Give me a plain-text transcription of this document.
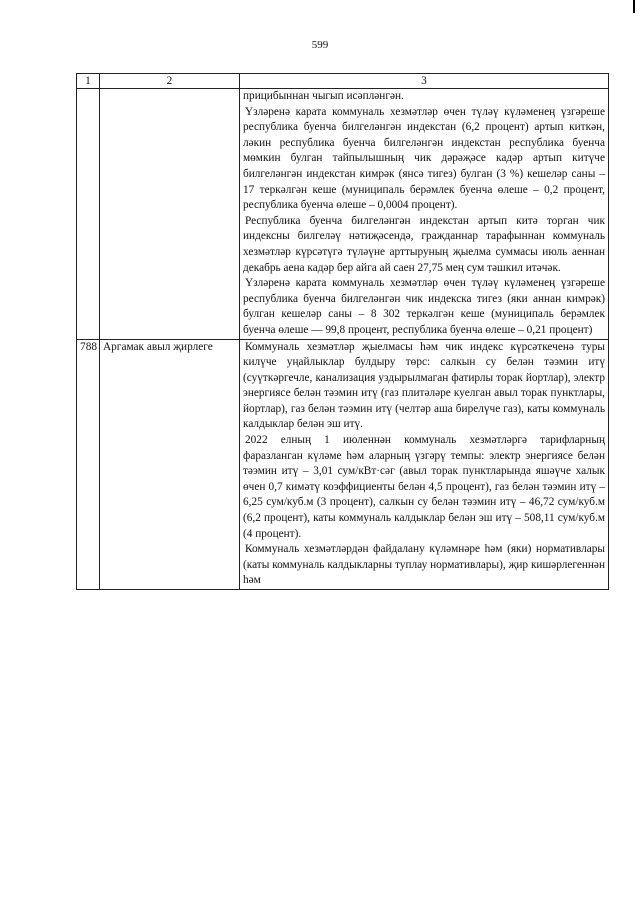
599
1	2	3

		прицибыннан чыгып исәпләнгән.

Үзләренә карата коммуналь хезмәтләр өчен түләү күләменең үзгәреше республика буенча билгеләнгән индекстан (6,2 процент) артып киткән, ләкин республика буенча билгеләнгән индекстан республика буенча мөмкин булган тайпылышның чик дәрәҗәсе кадәр артып китүче билгеләнгән индекстан кимрәк (янсә тигез) булган (3 %) кешеләр саны – 17 теркәлгән кеше (муниципаль берәмлек буенча өлеше – 0,2 процент, республика буенча өлеше – 0,0004 процент).

Республика буенча билгеләнгән индекстан артып китә торган чик индексны билгеләү нәтиҗәсендә, гражданнар тарафыннан коммуналь хезмәтләр күрсәтүгә түләүне арттыруның җыелма суммасы июль аеннан декабрь аена кадәр бер айга ай саен 27,75 мең сум тәшкил итәчәк.

Үзләренә карата коммуналь хезмәтләр өчен түләү күләменең үзгәреше республика буенча билгеләнгән чик индекска тигез (яки аннан кимрәк) булган кешеләр саны – 8 302 теркәлгән кеше (муниципаль берәмлек буенча өлеше — 99,8 процент, республика буенча өлеше – 0,21 процент)

788	Аргамак авыл җирлеге	Коммуналь хезмәтләр җыелмасы һәм чик индекс күрсәткеченә туры килүче уңайлыклар булдыру төрс: салкын су белән тәэмин итү (суүткәргечле, канализация уздырылмаган фатирлы торак йортлар), электр энергиясе белән тәэмин итү (газ плитәләре куелган авыл торак пунктлары, йортлар), газ белән тәэмин итү (челтәр аша бирелүче газ), каты коммуналь калдыклар белән эш итү.

2022 елның 1 июленнән коммуналь хезмәтләргә тарифларның фаразланган күләме һәм аларның үзгәрү темпы: электр энергиясе белән тәэмин итү – 3,01 сум/кВт·сәг (авыл торак пунктларында яшәүче халык өчен 0,7 кимәтү коэффициенты белән 4,5 процент), газ белән тәэмин итү – 6,25 сум/куб.м (3 процент), салкын су белән тәэмин итү – 46,72 сум/куб.м (6,2 процент), каты коммуналь калдыклар белән эш итү – 508,11 сум/куб.м (4 процент).

Коммуналь хезмәтләрдән файдалану күләмнәре һәм (яки) нормативлары (каты коммуналь калдыкларны туплау нормативлары), җир кишәрлегеннән һәм
